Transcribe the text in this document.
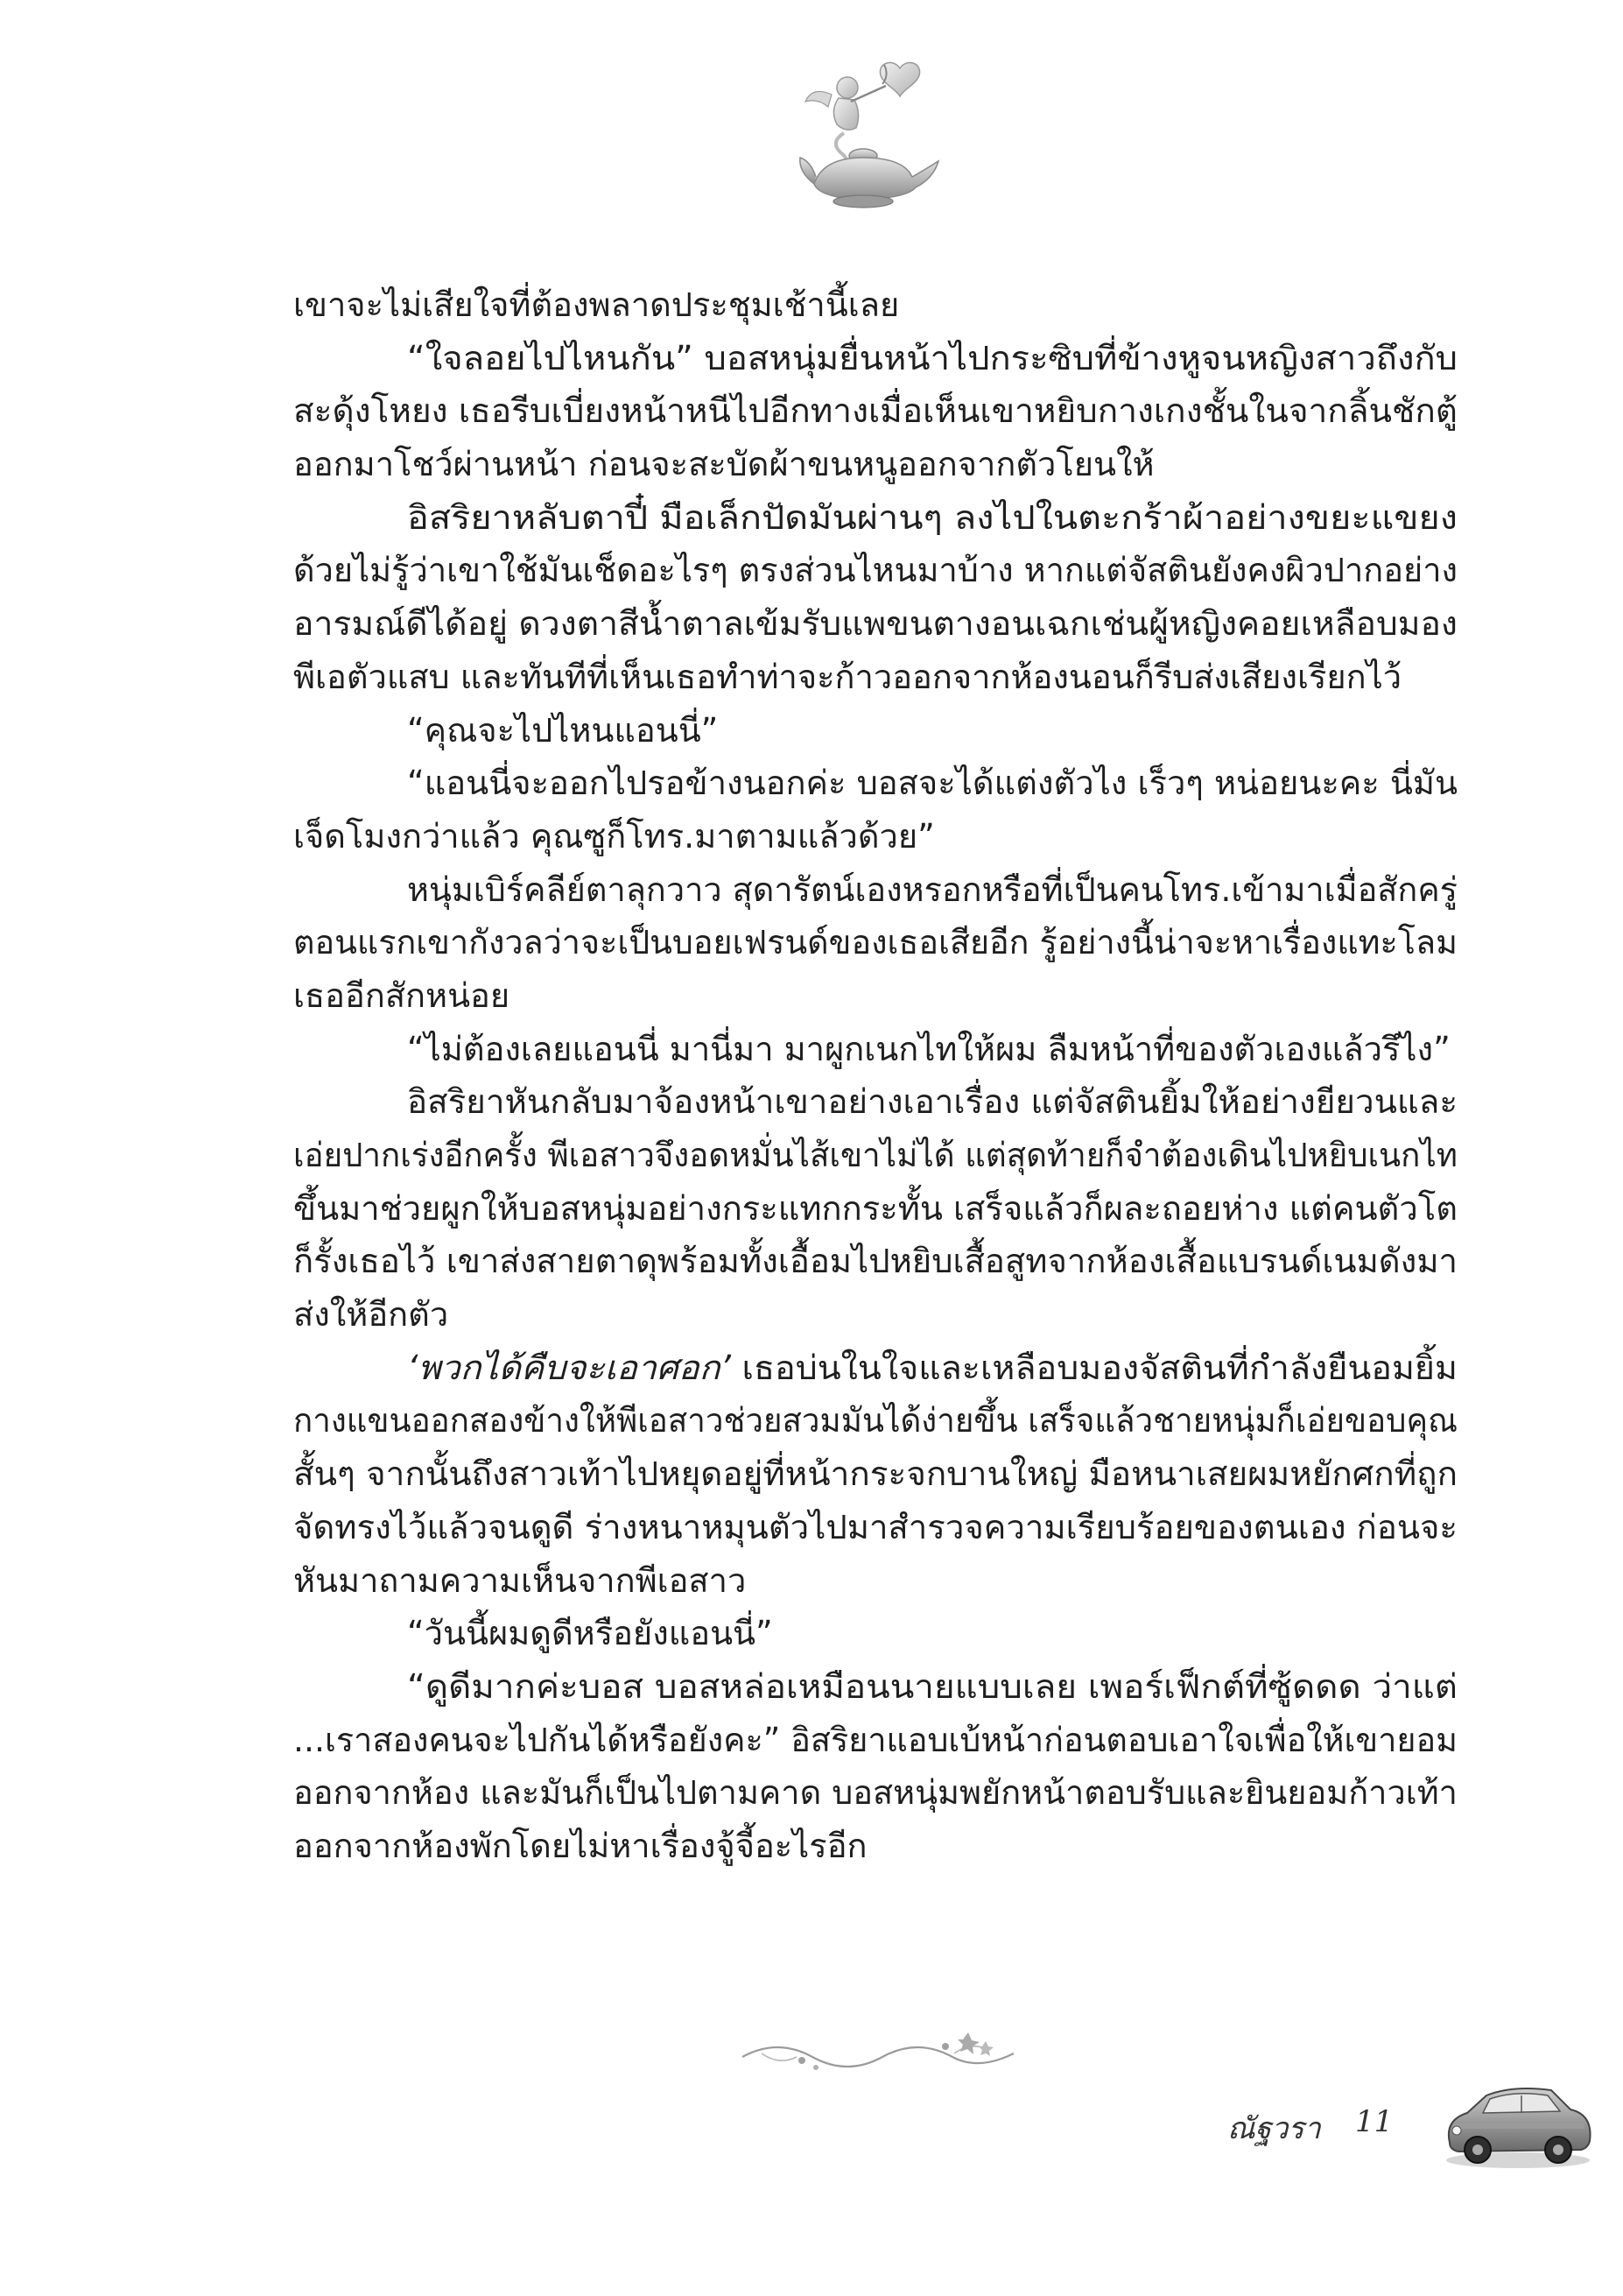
เขาจะไม่เสียใจที่ต้องพลาดประชุมเช้านี้เลย
“ใจลอยไปไหนกัน” บอสหนุ่มยื่นหน้าไปกระซิบที่ข้างหูจนหญิงสาวถึงกับ
สะดุ้งโหยง เธอรีบเบี่ยงหน้าหนีไปอีกทางเมื่อเห็นเขาหยิบกางเกงชั้นในจากลิ้นชักตู้
ออกมาโชว์ผ่านหน้า ก่อนจะสะบัดผ้าขนหนูออกจากตัวโยนให้
อิสริยาหลับตาปี๋ มือเล็กปัดมันผ่านๆ ลงไปในตะกร้าผ้าอย่างขยะแขยง
ด้วยไม่รู้ว่าเขาใช้มันเช็ดอะไรๆ ตรงส่วนไหนมาบ้าง หากแต่จัสตินยังคงผิวปากอย่าง
อารมณ์ดีได้อยู่ ดวงตาสีน้ำตาลเข้มรับแพขนตางอนเฉกเช่นผู้หญิงคอยเหลือบมอง
พีเอตัวแสบ และทันทีที่เห็นเธอทำท่าจะก้าวออกจากห้องนอนก็รีบส่งเสียงเรียกไว้
“คุณจะไปไหนแอนนี่”
“แอนนี่จะออกไปรอข้างนอกค่ะ บอสจะได้แต่งตัวไง เร็วๆ หน่อยนะคะ นี่มัน
เจ็ดโมงกว่าแล้ว คุณซูก็โทร.มาตามแล้วด้วย”
หนุ่มเบิร์คลีย์ตาลุกวาว สุดารัตน์เองหรอกหรือที่เป็นคนโทร.เข้ามาเมื่อสักครู่
ตอนแรกเขากังวลว่าจะเป็นบอยเฟรนด์ของเธอเสียอีก รู้อย่างนี้น่าจะหาเรื่องแทะโลม
เธออีกสักหน่อย
“ไม่ต้องเลยแอนนี่ มานี่มา มาผูกเนกไทให้ผม ลืมหน้าที่ของตัวเองแล้วรึไง”
อิสริยาหันกลับมาจ้องหน้าเขาอย่างเอาเรื่อง แต่จัสตินยิ้มให้อย่างยียวนและ
เอ่ยปากเร่งอีกครั้ง พีเอสาวจึงอดหมั่นไส้เขาไม่ได้ แต่สุดท้ายก็จำต้องเดินไปหยิบเนกไท
ขึ้นมาช่วยผูกให้บอสหนุ่มอย่างกระแทกกระทั้น เสร็จแล้วก็ผละถอยห่าง แต่คนตัวโต
ก็รั้งเธอไว้ เขาส่งสายตาดุพร้อมทั้งเอื้อมไปหยิบเสื้อสูทจากห้องเสื้อแบรนด์เนมดังมา
ส่งให้อีกตัว
‘พวกได้คืบจะเอาศอก’ เธอบ่นในใจและเหลือบมองจัสตินที่กำลังยืนอมยิ้ม
กางแขนออกสองข้างให้พีเอสาวช่วยสวมมันได้ง่ายขึ้น เสร็จแล้วชายหนุ่มก็เอ่ยขอบคุณ
สั้นๆ จากนั้นถึงสาวเท้าไปหยุดอยู่ที่หน้ากระจกบานใหญ่ มือหนาเสยผมหยักศกที่ถูก
จัดทรงไว้แล้วจนดูดี ร่างหนาหมุนตัวไปมาสำรวจความเรียบร้อยของตนเอง ก่อนจะ
หันมาถามความเห็นจากพีเอสาว
“วันนี้ผมดูดีหรือยังแอนนี่”
“ดูดีมากค่ะบอส บอสหล่อเหมือนนายแบบเลย เพอร์เฟ็กต์ที่ซู้ดดด ว่าแต่
...เราสองคนจะไปกันได้หรือยังคะ” อิสริยาแอบเบ้หน้าก่อนตอบเอาใจเพื่อให้เขายอม
ออกจากห้อง และมันก็เป็นไปตามคาด บอสหนุ่มพยักหน้าตอบรับและยินยอมก้าวเท้า
ออกจากห้องพักโดยไม่หาเรื่องจู้จี้อะไรอีก
ณัฐวรา 11
